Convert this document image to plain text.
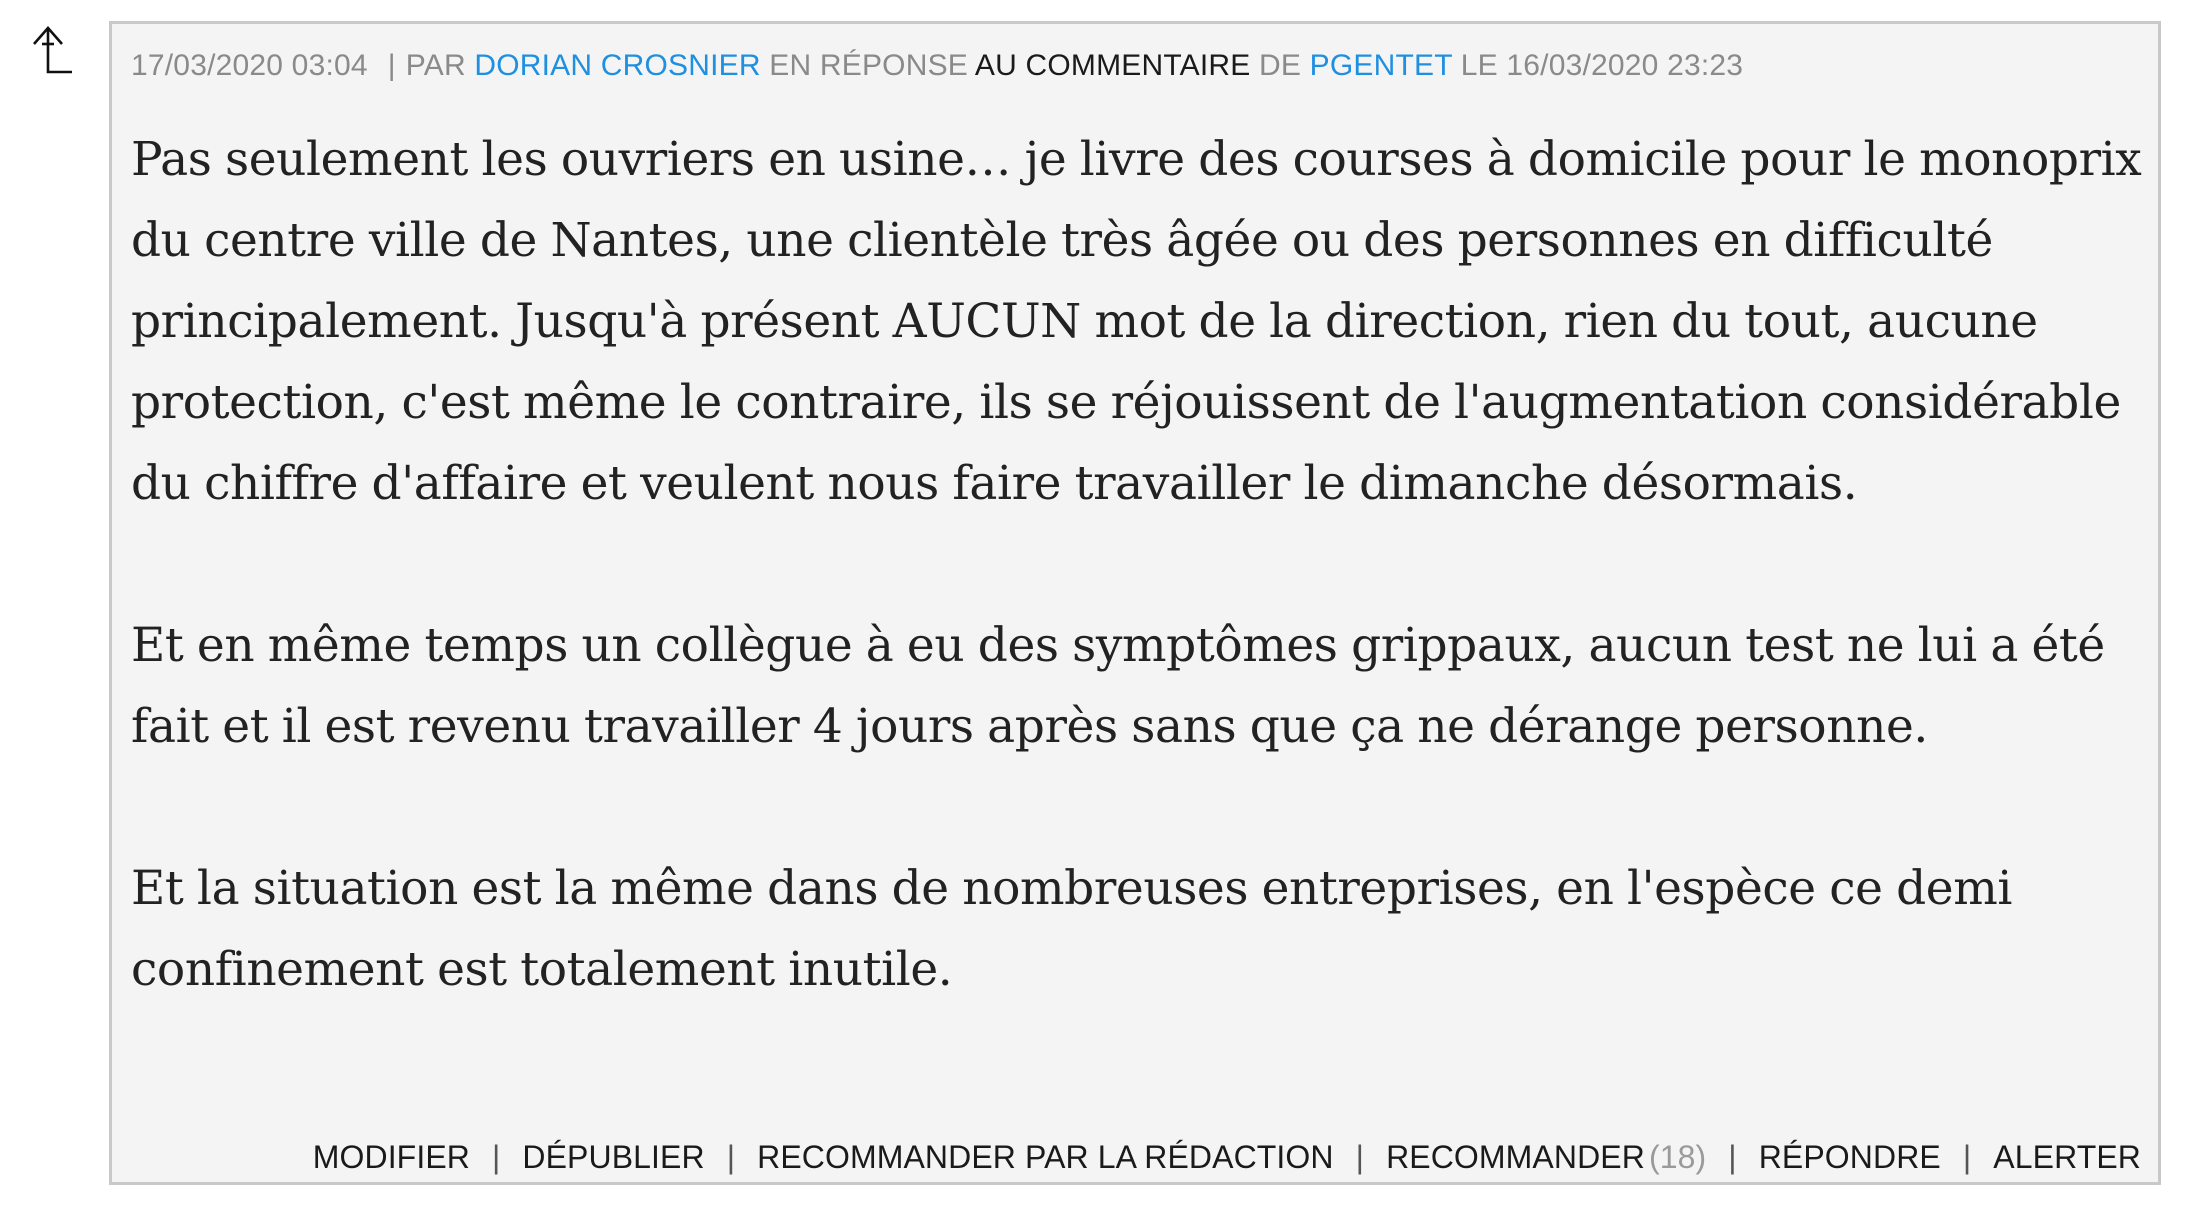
17/03/2020 03:04 | PAR DORIAN CROSNIER EN RÉPONSE AU COMMENTAIRE DE PGENTET LE 16/03/2020 23:23

Pas seulement les ouvriers en usine… je livre des courses à domicile pour le monoprix du centre ville de Nantes, une clientèle très âgée ou des personnes en difficulté principalement. Jusqu'à présent AUCUN mot de la direction, rien du tout, aucune protection, c'est même le contraire, ils se réjouissent de l'augmentation considérable du chiffre d'affaire et veulent nous faire travailler le dimanche désormais.

Et en même temps un collègue à eu des symptômes grippaux, aucun test ne lui a été fait et il est revenu travailler 4 jours après sans que ça ne dérange personne.

Et la situation est la même dans de nombreuses entreprises, en l'espèce ce demi confinement est totalement inutile.

MODIFIER | DÉPUBLIER | RECOMMANDER PAR LA RÉDACTION | RECOMMANDER (18) | RÉPONDRE | ALERTER
